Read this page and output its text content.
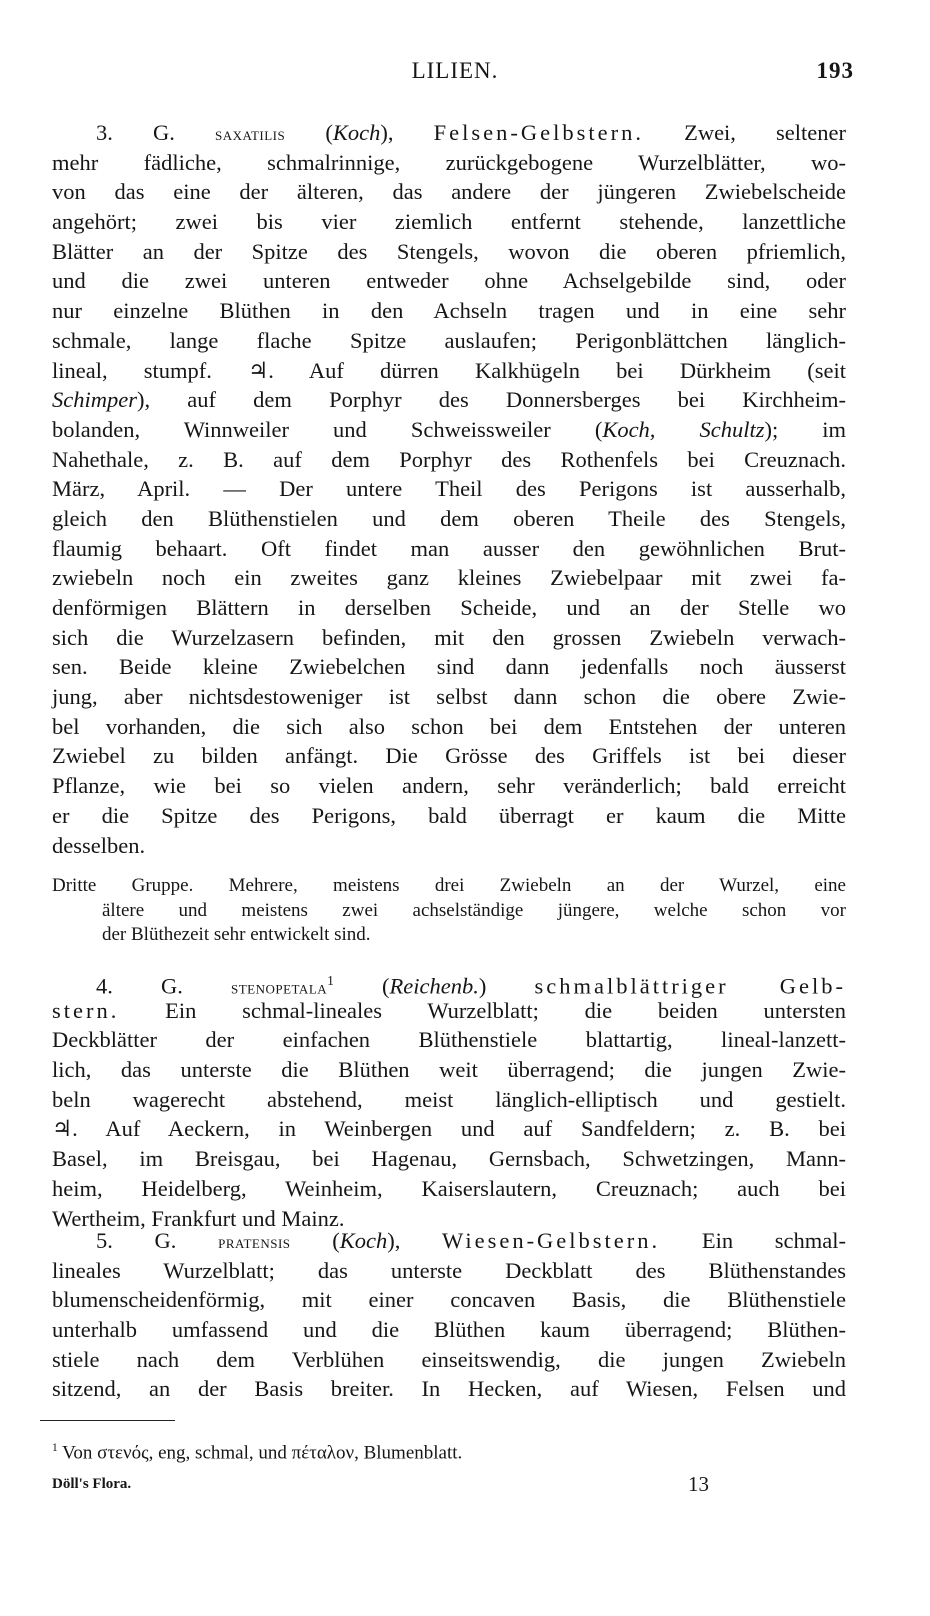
LILIEN.	193
3. G. saxatilis (Koch), Felsen-Gelbstern. Zwei, seltener
mehr fädliche, schmalrinnige, zurückgebogene Wurzelblätter, wo-
von das eine der älteren, das andere der jüngeren Zwiebelscheide
angehört; zwei bis vier ziemlich entfernt stehende, lanzettliche
Blätter an der Spitze des Stengels, wovon die oberen pfriemlich,
und die zwei unteren entweder ohne Achselgebilde sind, oder
nur einzelne Blüthen in den Achseln tragen und in eine sehr
schmale, lange flache Spitze auslaufen; Perigonblättchen länglich-
lineal, stumpf. ♃. Auf dürren Kalkhügeln bei Dürkheim (seit
Schimper), auf dem Porphyr des Donnersberges bei Kirchheim-
bolanden, Winnweiler und Schweissweiler (Koch, Schultz); im
Nahethale, z. B. auf dem Porphyr des Rothenfels bei Creuznach.
März, April. — Der untere Theil des Perigons ist ausserhalb,
gleich den Blüthenstielen und dem oberen Theile des Stengels,
flaumig behaart. Oft findet man ausser den gewöhnlichen Brut-
zwiebeln noch ein zweites ganz kleines Zwiebelpaar mit zwei fa-
denförmigen Blättern in derselben Scheide, und an der Stelle wo
sich die Wurzelzasern befinden, mit den grossen Zwiebeln verwach-
sen. Beide kleine Zwiebelchen sind dann jedenfalls noch äusserst
jung, aber nichtsdestoweniger ist selbst dann schon die obere Zwie-
bel vorhanden, die sich also schon bei dem Entstehen der unteren
Zwiebel zu bilden anfängt. Die Grösse des Griffels ist bei dieser
Pflanze, wie bei so vielen andern, sehr veränderlich; bald erreicht
er die Spitze des Perigons, bald überragt er kaum die Mitte
desselben.
Dritte Gruppe. Mehrere, meistens drei Zwiebeln an der Wurzel, eine
ältere und meistens zwei achselständige jüngere, welche schon vor
der Blüthezeit sehr entwickelt sind.
4. G. stenopetala$^1$ (Reichenb.) schmalblättriger Gelb-
stern. Ein schmal-lineales Wurzelblatt; die beiden untersten
Deckblätter der einfachen Blüthenstiele blattartig, lineal-lanzett-
lich, das unterste die Blüthen weit überragend; die jungen Zwie-
beln wagerecht abstehend, meist länglich-elliptisch und gestielt.
♃. Auf Aeckern, in Weinbergen und auf Sandfeldern; z. B. bei
Basel, im Breisgau, bei Hagenau, Gernsbach, Schwetzingen, Mann-
heim, Heidelberg, Weinheim, Kaiserslautern, Creuznach; auch bei
Wertheim, Frankfurt und Mainz.
5. G. pratensis (Koch), Wiesen-Gelbstern. Ein schmal-
lineales Wurzelblatt; das unterste Deckblatt des Blüthenstandes
blumenscheidenförmig, mit einer concaven Basis, die Blüthenstiele
unterhalb umfassend und die Blüthen kaum überragend; Blüthen-
stiele nach dem Verblühen einseitswendig, die jungen Zwiebeln
sitzend, an der Basis breiter. In Hecken, auf Wiesen, Felsen und
$^1$ Von στενός, eng, schmal, und πέταλον, Blumenblatt.
Döll's Flora.	13
